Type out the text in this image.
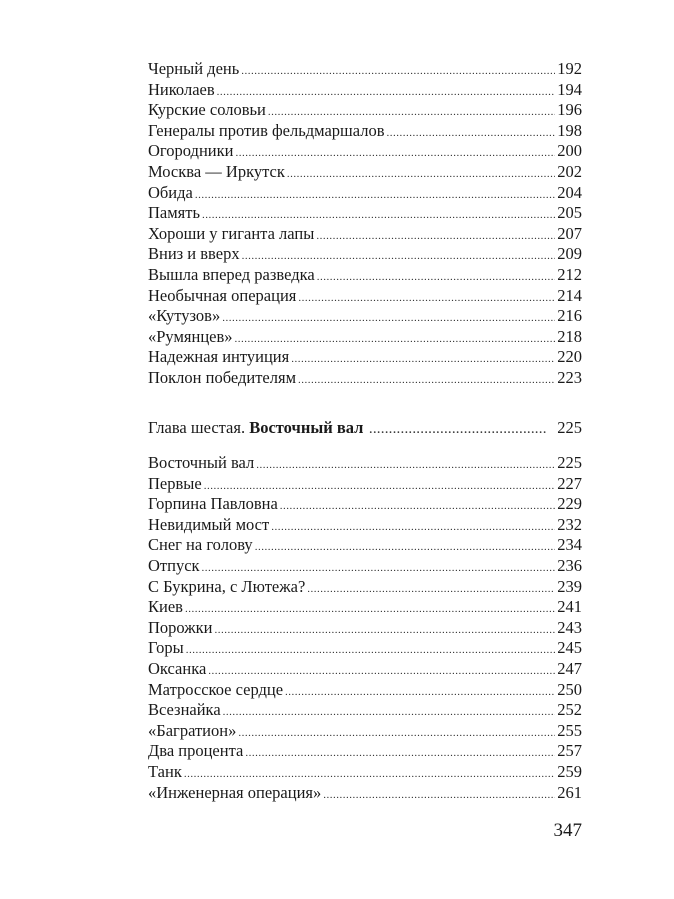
Черный день .....	192
Николаев .....	194
Курские соловьи .....	196
Генералы против фельдмаршалов .....	198
Огородники .....	200
Москва — Иркутск .....	202
Обида .....	204
Память .....	205
Хороши у гиганта лапы .....	207
Вниз и вверх .....	209
Вышла вперед разведка .....	212
Необычная операция .....	214
«Кутузов» .....	216
«Румянцев» .....	218
Надежная интуиция .....	220
Поклон победителям .....	223
Глава шестая. Восточный вал .....	225
Восточный вал .....	225
Первые .....	227
Горпина Павловна .....	229
Невидимый мост .....	232
Снег на голову .....	234
Отпуск .....	236
С Букрина, с Лютежа? .....	239
Киев .....	241
Порожки .....	243
Горы .....	245
Оксанка .....	247
Матросское сердце .....	250
Всезнайка .....	252
«Багратион» .....	255
Два процента .....	257
Танк .....	259
«Инженерная операция» .....	261
347
